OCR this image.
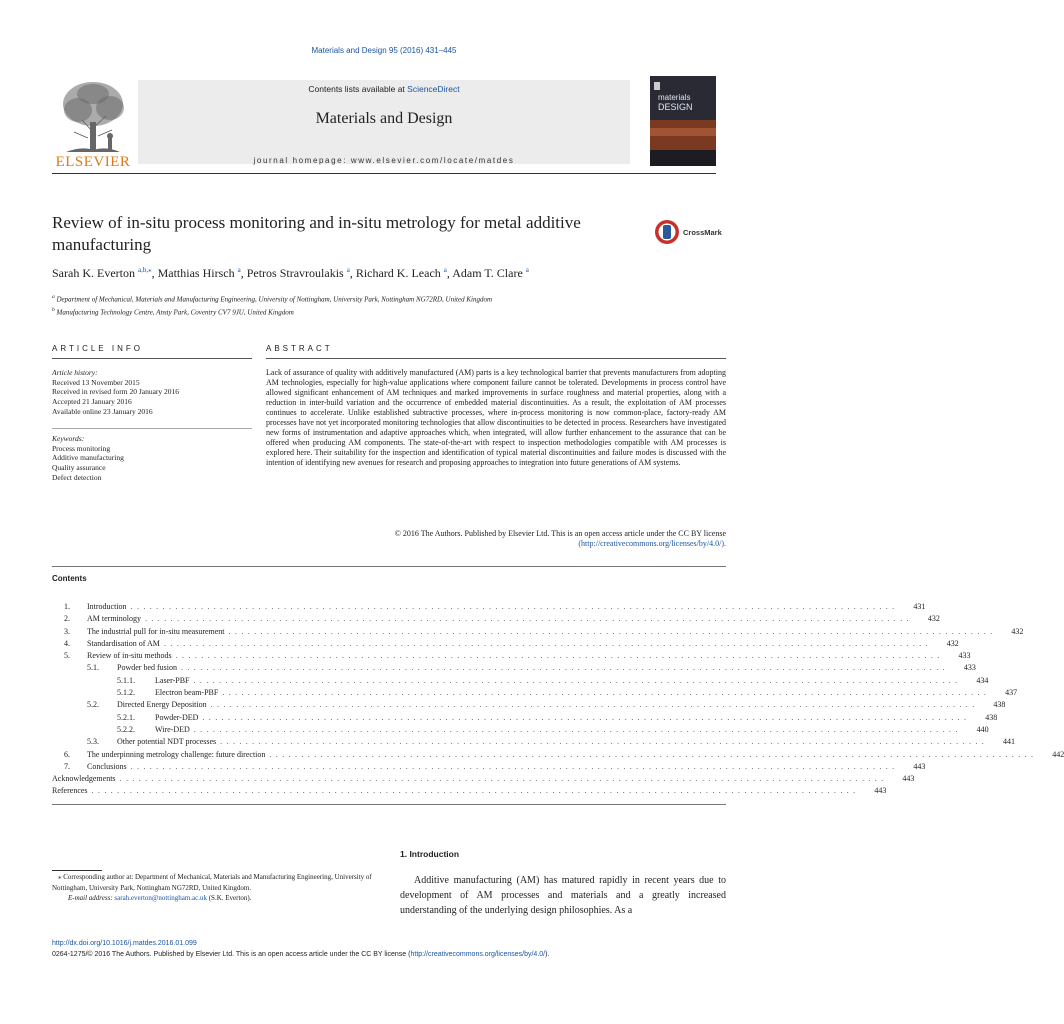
Materials and Design 95 (2016) 431–445
ELSEVIER
Contents lists available at ScienceDirect
Materials and Design
journal homepage: www.elsevier.com/locate/matdes
materials
DESIGN
Review of in-situ process monitoring and in-situ metrology for metal additive manufacturing
CrossMark
Sarah K. Everton $^{a,b,⁎}$, Matthias Hirsch $^a$, Petros Stravroulakis $^a$, Richard K. Leach $^a$, Adam T. Clare $^a$
$^a$ Department of Mechanical, Materials and Manufacturing Engineering, University of Nottingham, University Park, Nottingham NG72RD, United Kingdom
$^b$ Manufacturing Technology Centre, Ansty Park, Coventry CV7 9JU, United Kingdom
ARTICLE INFO	ABSTRACT
Article history:
Received 13 November 2015
Received in revised form 20 January 2016
Accepted 21 January 2016
Available online 23 January 2016
Keywords:
Process monitoring
Additive manufacturing
Quality assurance
Defect detection
Lack of assurance of quality with additively manufactured (AM) parts is a key technological barrier that prevents manufacturers from adopting AM technologies, especially for high-value applications where component failure cannot be tolerated. Developments in process control have allowed significant enhancement of AM techniques and marked improvements in surface roughness and material properties, along with a reduction in inter-build variation and the occurrence of embedded material discontinuities. As a result, the exploitation of AM processes continues to accelerate. Unlike established subtractive processes, where in-process monitoring is now common-place, factory-ready AM processes have not yet incorporated monitoring technologies that allow discontinuities to be detected in process. Researchers have investigated new forms of instrumentation and adaptive approaches which, when integrated, will allow further enhancement to the assurance that can be offered when producing AM components. The state-of-the-art with respect to inspection methodologies compatible with AM processes is explored here. Their suitability for the inspection and identification of typical material discontinuities and failure modes is discussed with the intention of identifying new avenues for research and proposing approaches to integration into future generations of AM systems.
© 2016 The Authors. Published by Elsevier Ltd. This is an open access article under the CC BY license
(http://creativecommons.org/licenses/by/4.0/).
Contents
1.	Introduction . . . . . . . . . . . . . . . . . . . . . . . . . . . . . . . . . . . . . . . . . . . . . . . . . . . . . . . . . . . . . . . . . . . . . . . . . . . . . . . . . . . . . . . . . . . . . . . . . . . . . . . . . . . . . . . . . . . . . . . .	431
2.	AM terminology . . . . . . . . . . . . . . . . . . . . . . . . . . . . . . . . . . . . . . . . . . . . . . . . . . . . . . . . . . . . . . . . . . . . . . . . . . . . . . . . . . . . . . . . . . . . . . . . . . . . . . . . . . . . . . . . . . . . . . . .	432
3.	The industrial pull for in-situ measurement . . . . . . . . . . . . . . . . . . . . . . . . . . . . . . . . . . . . . . . . . . . . . . . . . . . . . . . . . . . . . . . . . . . . . . . . . . . . . . . . . . . . . . . . . . . . . . . . . . . . . . . . . . . . . . . . . . . . . . . .	432
4.	Standardisation of AM . . . . . . . . . . . . . . . . . . . . . . . . . . . . . . . . . . . . . . . . . . . . . . . . . . . . . . . . . . . . . . . . . . . . . . . . . . . . . . . . . . . . . . . . . . . . . . . . . . . . . . . . . . . . . . . . . . . . . . . .	432
5.	Review of in-situ methods . . . . . . . . . . . . . . . . . . . . . . . . . . . . . . . . . . . . . . . . . . . . . . . . . . . . . . . . . . . . . . . . . . . . . . . . . . . . . . . . . . . . . . . . . . . . . . . . . . . . . . . . . . . . . . . . . . . . . . . .	433
5.1.	Powder bed fusion . . . . . . . . . . . . . . . . . . . . . . . . . . . . . . . . . . . . . . . . . . . . . . . . . . . . . . . . . . . . . . . . . . . . . . . . . . . . . . . . . . . . . . . . . . . . . . . . . . . . . . . . . . . . . . . . . . . . . . . .	433
5.1.1.	Laser-PBF . . . . . . . . . . . . . . . . . . . . . . . . . . . . . . . . . . . . . . . . . . . . . . . . . . . . . . . . . . . . . . . . . . . . . . . . . . . . . . . . . . . . . . . . . . . . . . . . . . . . . . . . . . . . . . . . . . . . . . . .	434
5.1.2.	Electron beam-PBF . . . . . . . . . . . . . . . . . . . . . . . . . . . . . . . . . . . . . . . . . . . . . . . . . . . . . . . . . . . . . . . . . . . . . . . . . . . . . . . . . . . . . . . . . . . . . . . . . . . . . . . . . . . . . . . . . . . . . . . .	437
5.2.	Directed Energy Deposition . . . . . . . . . . . . . . . . . . . . . . . . . . . . . . . . . . . . . . . . . . . . . . . . . . . . . . . . . . . . . . . . . . . . . . . . . . . . . . . . . . . . . . . . . . . . . . . . . . . . . . . . . . . . . . . . . . . . . . . .	438
5.2.1.	Powder-DED . . . . . . . . . . . . . . . . . . . . . . . . . . . . . . . . . . . . . . . . . . . . . . . . . . . . . . . . . . . . . . . . . . . . . . . . . . . . . . . . . . . . . . . . . . . . . . . . . . . . . . . . . . . . . . . . . . . . . . . .	438
5.2.2.	Wire-DED . . . . . . . . . . . . . . . . . . . . . . . . . . . . . . . . . . . . . . . . . . . . . . . . . . . . . . . . . . . . . . . . . . . . . . . . . . . . . . . . . . . . . . . . . . . . . . . . . . . . . . . . . . . . . . . . . . . . . . . .	440
5.3.	Other potential NDT processes . . . . . . . . . . . . . . . . . . . . . . . . . . . . . . . . . . . . . . . . . . . . . . . . . . . . . . . . . . . . . . . . . . . . . . . . . . . . . . . . . . . . . . . . . . . . . . . . . . . . . . . . . . . . . . . . . . . . . . . .	441
6.	The underpinning metrology challenge: future direction . . . . . . . . . . . . . . . . . . . . . . . . . . . . . . . . . . . . . . . . . . . . . . . . . . . . . . . . . . . . . . . . . . . . . . . . . . . . . . . . . . . . . . . . . . . . . . . . . . . . . . . . . . . . . . . . . . . . . . . .	442
7.	Conclusions . . . . . . . . . . . . . . . . . . . . . . . . . . . . . . . . . . . . . . . . . . . . . . . . . . . . . . . . . . . . . . . . . . . . . . . . . . . . . . . . . . . . . . . . . . . . . . . . . . . . . . . . . . . . . . . . . . . . . . . .	443
Acknowledgements . . . . . . . . . . . . . . . . . . . . . . . . . . . . . . . . . . . . . . . . . . . . . . . . . . . . . . . . . . . . . . . . . . . . . . . . . . . . . . . . . . . . . . . . . . . . . . . . . . . . . . . . . . . . . . . . . . . . . . . .	443
References . . . . . . . . . . . . . . . . . . . . . . . . . . . . . . . . . . . . . . . . . . . . . . . . . . . . . . . . . . . . . . . . . . . . . . . . . . . . . . . . . . . . . . . . . . . . . . . . . . . . . . . . . . . . . . . . . . . . . . . .	443
1. Introduction
Additive manufacturing (AM) has matured rapidly in recent years due to development of AM processes and materials and a greatly increased understanding of the underlying design philosophies. As a
⁎ Corresponding author at: Department of Mechanical, Materials and Manufacturing Engineering, University of Nottingham, University Park, Nottingham NG72RD, United Kingdom.
E-mail address: sarah.everton@nottingham.ac.uk (S.K. Everton).
http://dx.doi.org/10.1016/j.matdes.2016.01.099
0264-1275/© 2016 The Authors. Published by Elsevier Ltd. This is an open access article under the CC BY license (http://creativecommons.org/licenses/by/4.0/).
